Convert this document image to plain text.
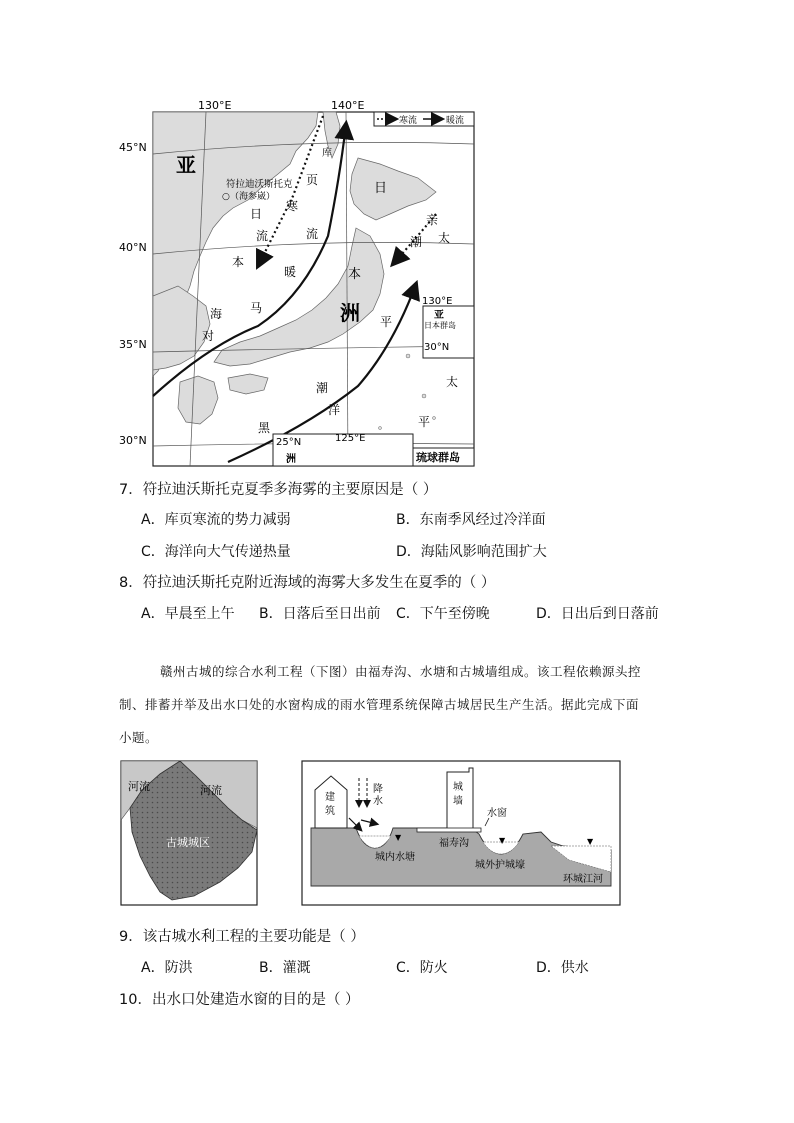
130°E	140°E
45°N
40°N
35°N
30°N
寒流	暖流
亚	库
页
寒
流
日
○
符拉迪沃斯托克
（海参崴）
日
流
本
暖	本
亲
潮 太
海 马	洲 平
对
潮
洋
黑
太
平
130°E
亚
日本群岛
30°N
25°N	125°E
洲	琉球群岛
7．符拉迪沃斯托克夏季多海雾的主要原因是（ ）
A．库页寒流的势力减弱	B．东南季风经过冷洋面
C．海洋向大气传递热量	D．海陆风影响范围扩大
8．符拉迪沃斯托克附近海域的海雾大多发生在夏季的（ ）
A．早晨至上午 B．日落后至日出前 C．下午至傍晚	D．日出后到日落前
赣州古城的综合水利工程（下图）由福寿沟、水塘和古城墙组成。该工程依赖源头控
制、排蓄并举及出水口处的水窗构成的雨水管理系统保障古城居民生产生活。据此完成下面
小题。
河流	河流
古城城区	▼	▼	▼
建
筑
降
水
城
墙
水窗
福寿沟
城内水塘
城外护城壕
环城江河
9．该古城水利工程的主要功能是（ ）
A．防洪	B．灌溉	C．防火	D．供水
10．出水口处建造水窗的目的是（ ）
